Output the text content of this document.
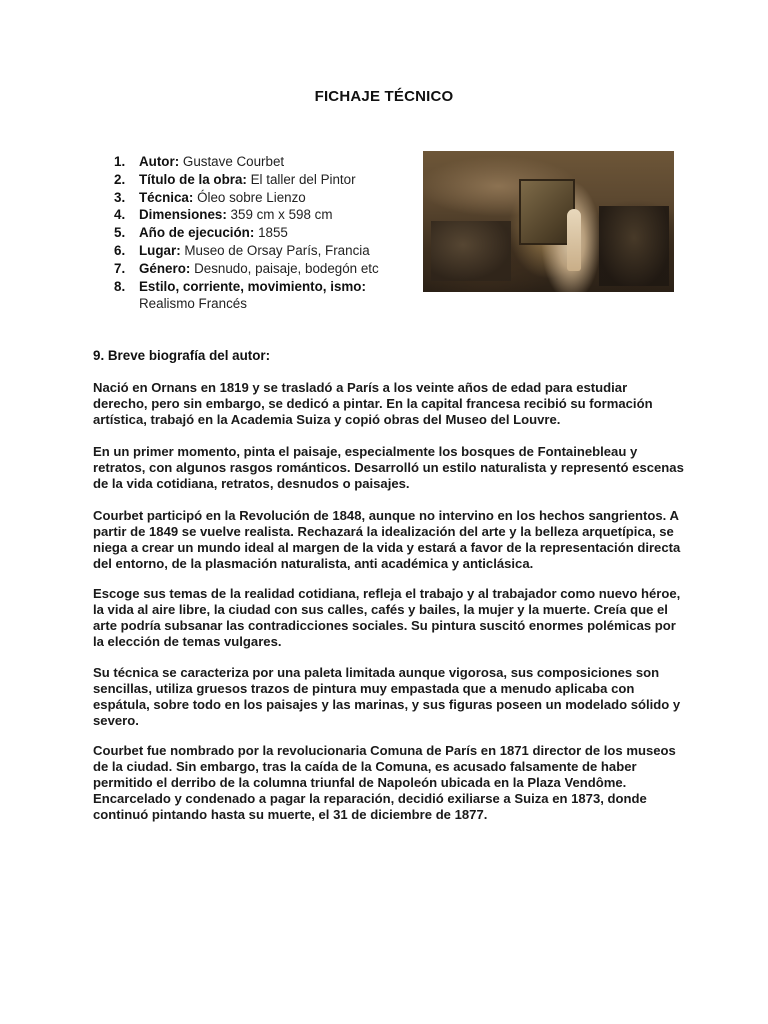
FICHAJE TÉCNICO
1. Autor: Gustave Courbet
2. Título de la obra: El taller del Pintor
3. Técnica: Óleo sobre Lienzo
4. Dimensiones: 359 cm x 598 cm
5. Año de ejecución: 1855
6. Lugar: Museo de Orsay París, Francia
7. Género: Desnudo, paisaje, bodegón etc
8. Estilo, corriente, movimiento, ismo:
Realismo Francés
9. Breve biografía del autor:
Nació en Ornans en 1819 y se trasladó a París a los veinte años de edad para estudiar
derecho, pero sin embargo, se dedicó a pintar. En la capital francesa recibió su formación
artística, trabajó en la Academia Suiza y copió obras del Museo del Louvre.
En un primer momento, pinta el paisaje, especialmente los bosques de Fontainebleau y
retratos, con algunos rasgos románticos. Desarrolló un estilo naturalista y representó escenas
de la vida cotidiana, retratos, desnudos o paisajes.
Courbet participó en la Revolución de 1848, aunque no intervino en los hechos sangrientos. A
partir de 1849 se vuelve realista. Rechazará la idealización del arte y la belleza arquetípica, se
niega a crear un mundo ideal al margen de la vida y estará a favor de la representación directa
del entorno, de la plasmación naturalista, anti académica y anticlásica.
Escoge sus temas de la realidad cotidiana, refleja el trabajo y al trabajador como nuevo héroe,
la vida al aire libre, la ciudad con sus calles, cafés y bailes, la mujer y la muerte. Creía que el
arte podría subsanar las contradicciones sociales. Su pintura suscitó enormes polémicas por
la elección de temas vulgares.
Su técnica se caracteriza por una paleta limitada aunque vigorosa, sus composiciones son
sencillas, utiliza gruesos trazos de pintura muy empastada que a menudo aplicaba con
espátula, sobre todo en los paisajes y las marinas, y sus figuras poseen un modelado sólido y
severo.
Courbet fue nombrado por la revolucionaria Comuna de París en 1871 director de los museos
de la ciudad. Sin embargo, tras la caída de la Comuna, es acusado falsamente de haber
permitido el derribo de la columna triunfal de Napoleón ubicada en la Plaza Vendôme.
Encarcelado y condenado a pagar la reparación, decidió exiliarse a Suiza en 1873, donde
continuó pintando hasta su muerte, el 31 de diciembre de 1877.
